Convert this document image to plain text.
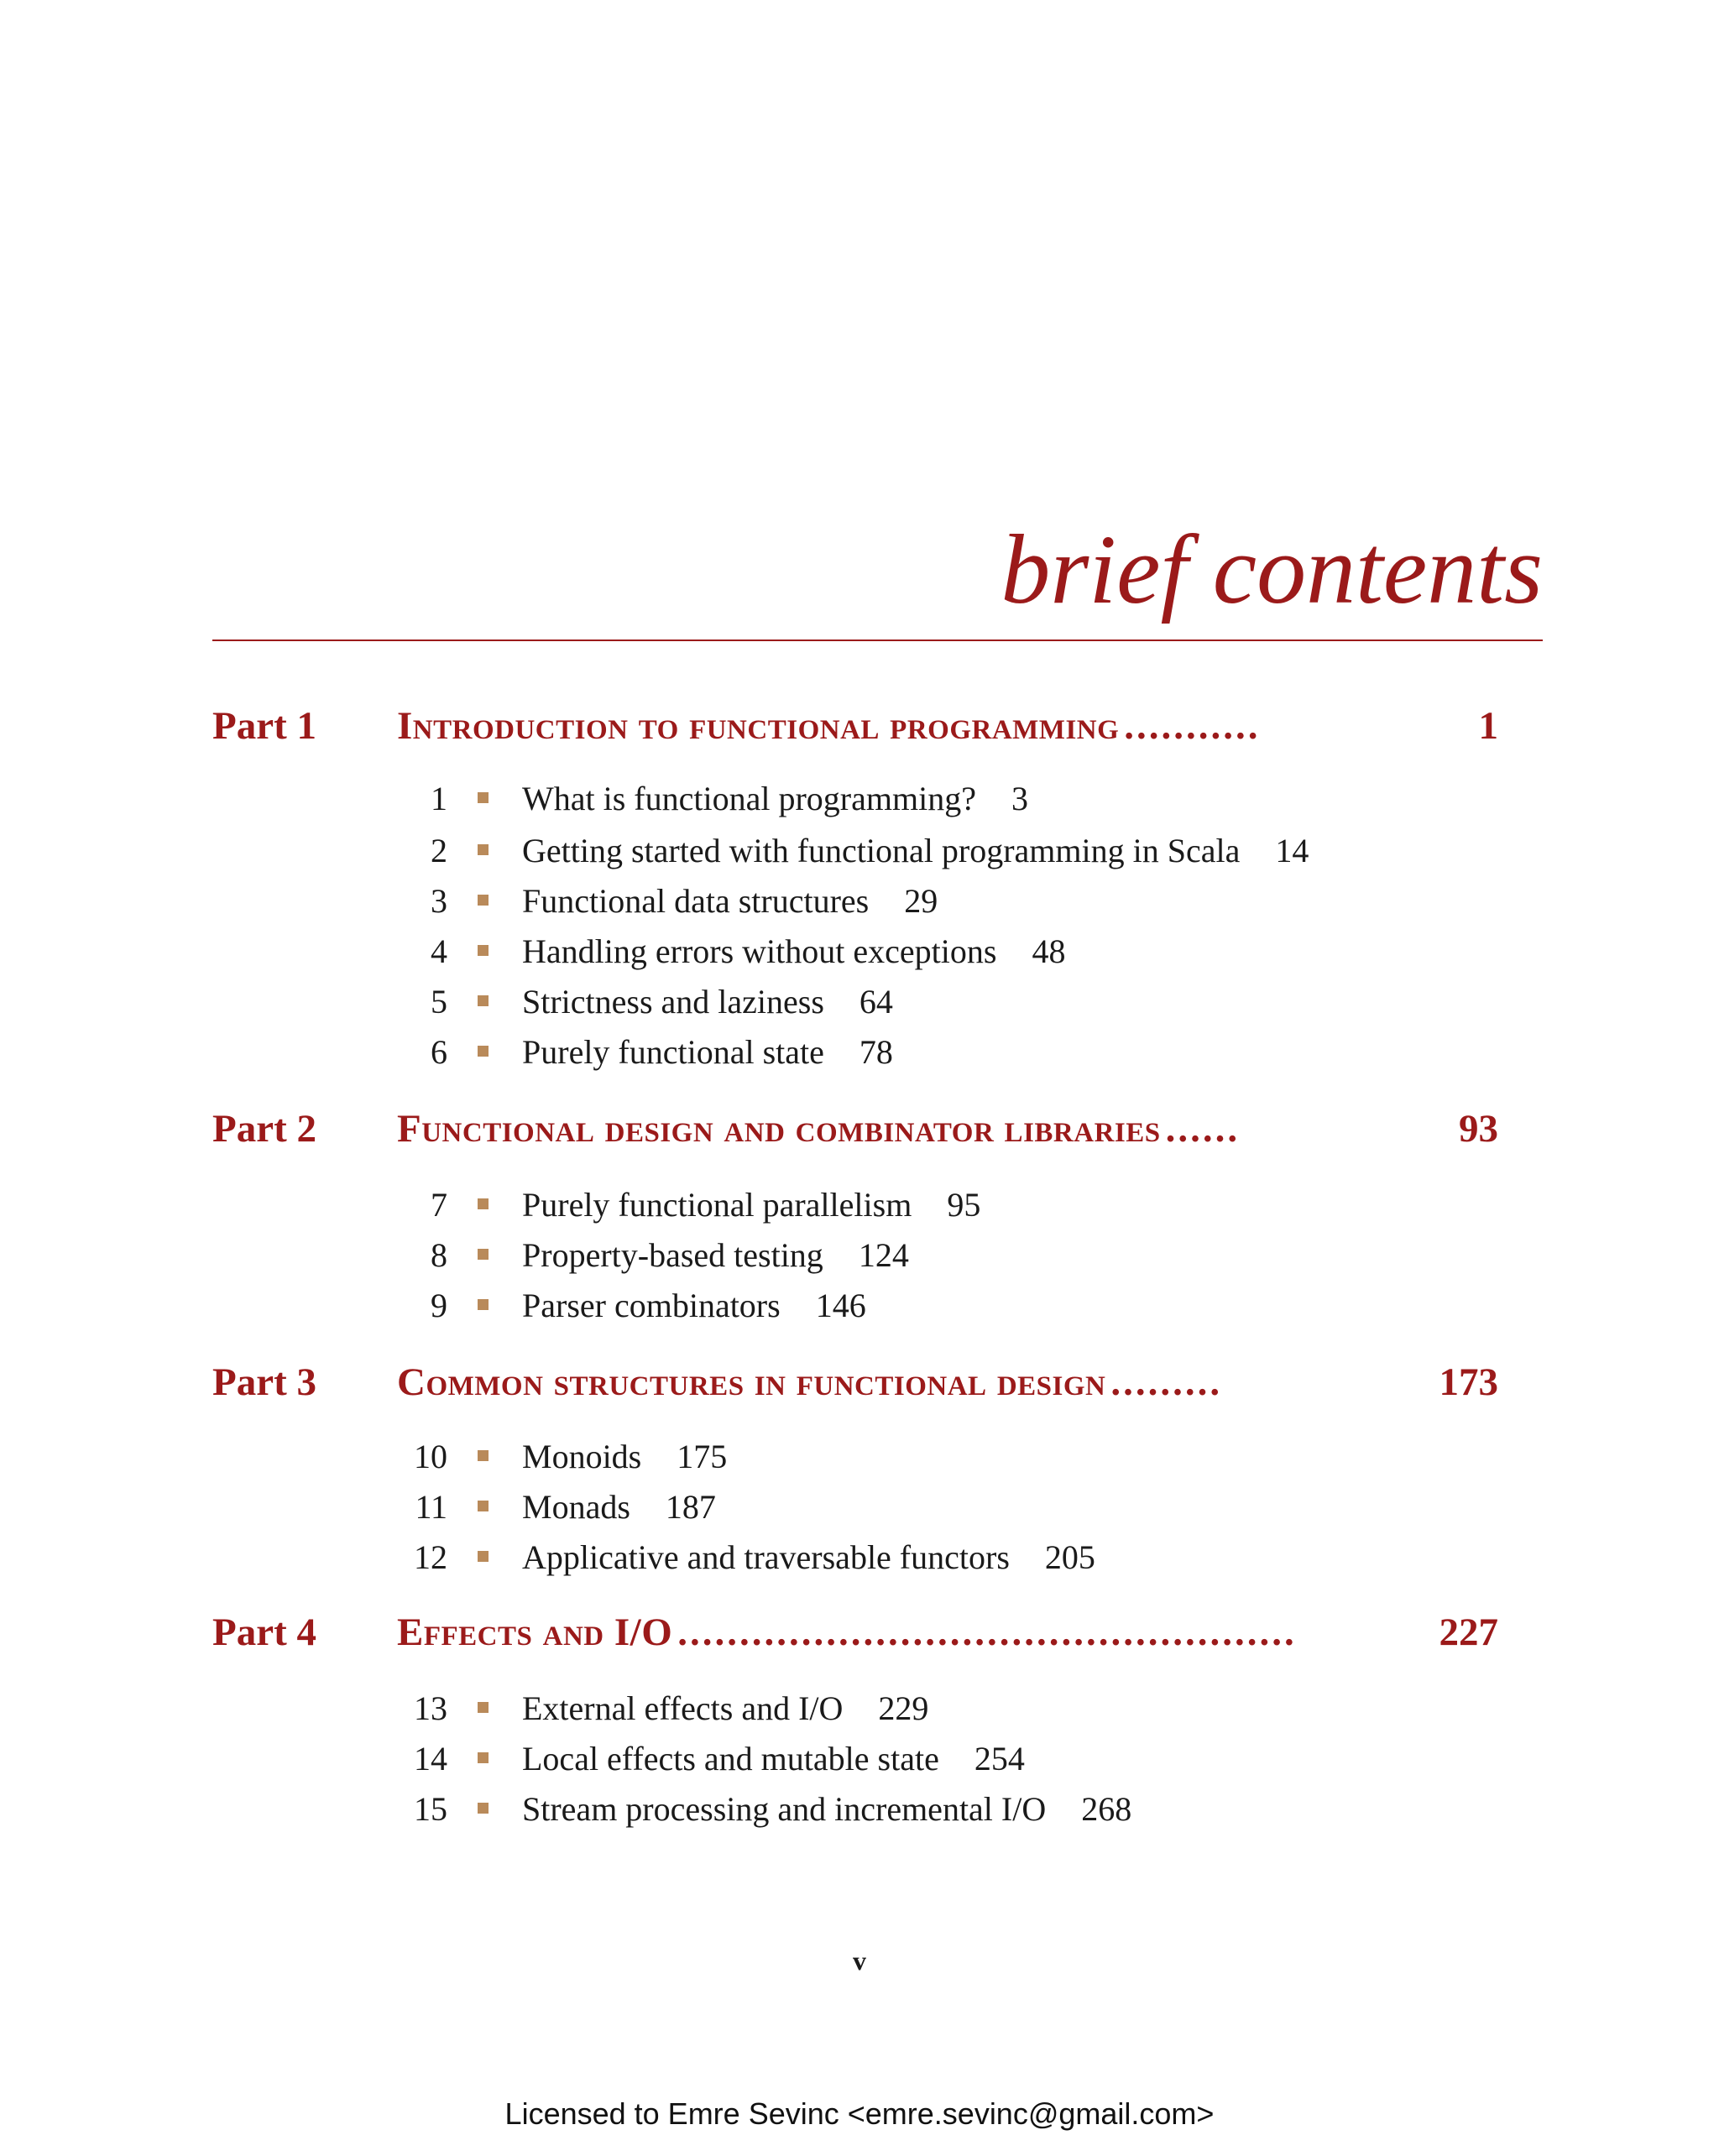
brief contents
Part 1	Introduction to functional programming ...........	1
1 What is functional programming? 3
2 Getting started with functional programming in Scala 14
3 Functional data structures 29
4 Handling errors without exceptions 48
5 Strictness and laziness 64
6 Purely functional state 78
Part 2	Functional design and combinator libraries ......	93
7 Purely functional parallelism 95
8 Property-based testing 124
9 Parser combinators 146
Part 3	Common structures in functional design .........	173
10 Monoids 175
11 Monads 187
12 Applicative and traversable functors 205
Part 4	Effects and I/O ..................................................	227
13 External effects and I/O 229
14 Local effects and mutable state 254
15 Stream processing and incremental I/O 268
v
Licensed to Emre Sevinc <emre.sevinc@gmail.com>
